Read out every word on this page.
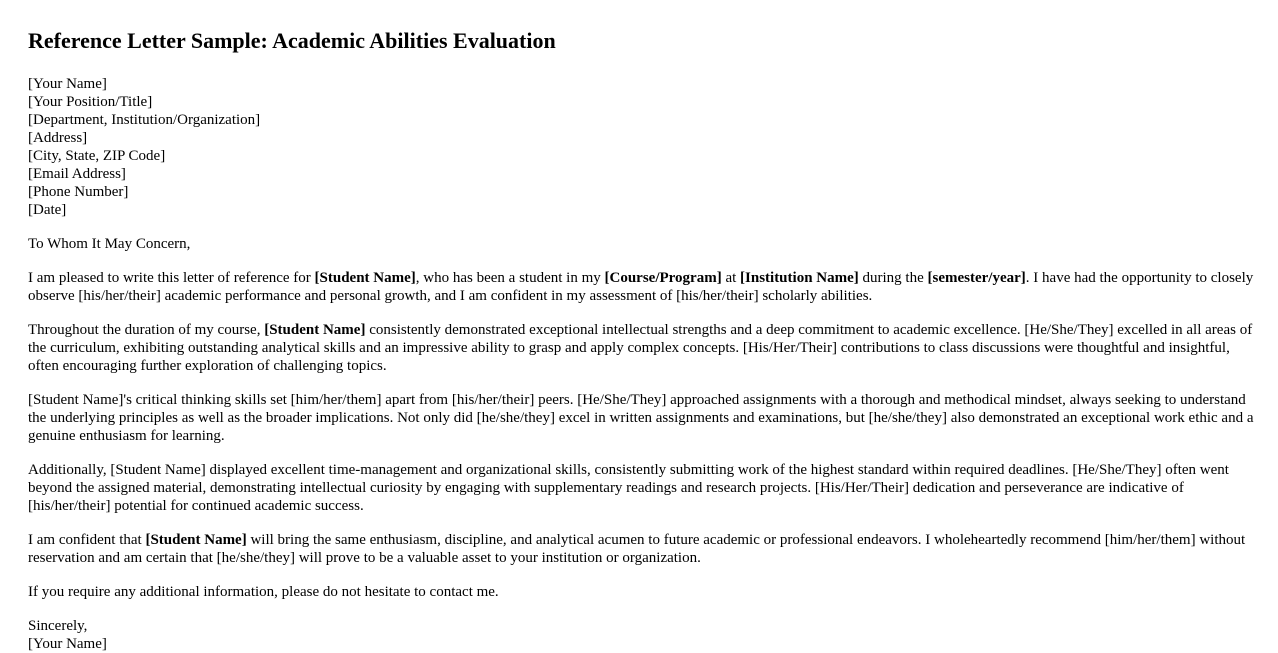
Reference Letter Sample: Academic Abilities Evaluation
[Your Name]
[Your Position/Title]
[Department, Institution/Organization]
[Address]
[City, State, ZIP Code]
[Email Address]
[Phone Number]
[Date]

To Whom It May Concern,

I am pleased to write this letter of reference for [Student Name], who has been a student in my [Course/Program] at [Institution Name] during the [semester/year]. I have had the opportunity to closely observe [his/her/their] academic performance and personal growth, and I am confident in my assessment of [his/her/their] scholarly abilities.

Throughout the duration of my course, [Student Name] consistently demonstrated exceptional intellectual strengths and a deep commitment to academic excellence. [He/She/They] excelled in all areas of the curriculum, exhibiting outstanding analytical skills and an impressive ability to grasp and apply complex concepts. [His/Her/Their] contributions to class discussions were thoughtful and insightful, often encouraging further exploration of challenging topics.

[Student Name]'s critical thinking skills set [him/her/them] apart from [his/her/their] peers. [He/She/They] approached assignments with a thorough and methodical mindset, always seeking to understand the underlying principles as well as the broader implications. Not only did [he/she/they] excel in written assignments and examinations, but [he/she/they] also demonstrated an exceptional work ethic and a genuine enthusiasm for learning.

Additionally, [Student Name] displayed excellent time-management and organizational skills, consistently submitting work of the highest standard within required deadlines. [He/She/They] often went beyond the assigned material, demonstrating intellectual curiosity by engaging with supplementary readings and research projects. [His/Her/Their] dedication and perseverance are indicative of [his/her/their] potential for continued academic success.

I am confident that [Student Name] will bring the same enthusiasm, discipline, and analytical acumen to future academic or professional endeavors. I wholeheartedly recommend [him/her/them] without reservation and am certain that [he/she/they] will prove to be a valuable asset to your institution or organization.

If you require any additional information, please do not hesitate to contact me.

Sincerely,
[Your Name]
